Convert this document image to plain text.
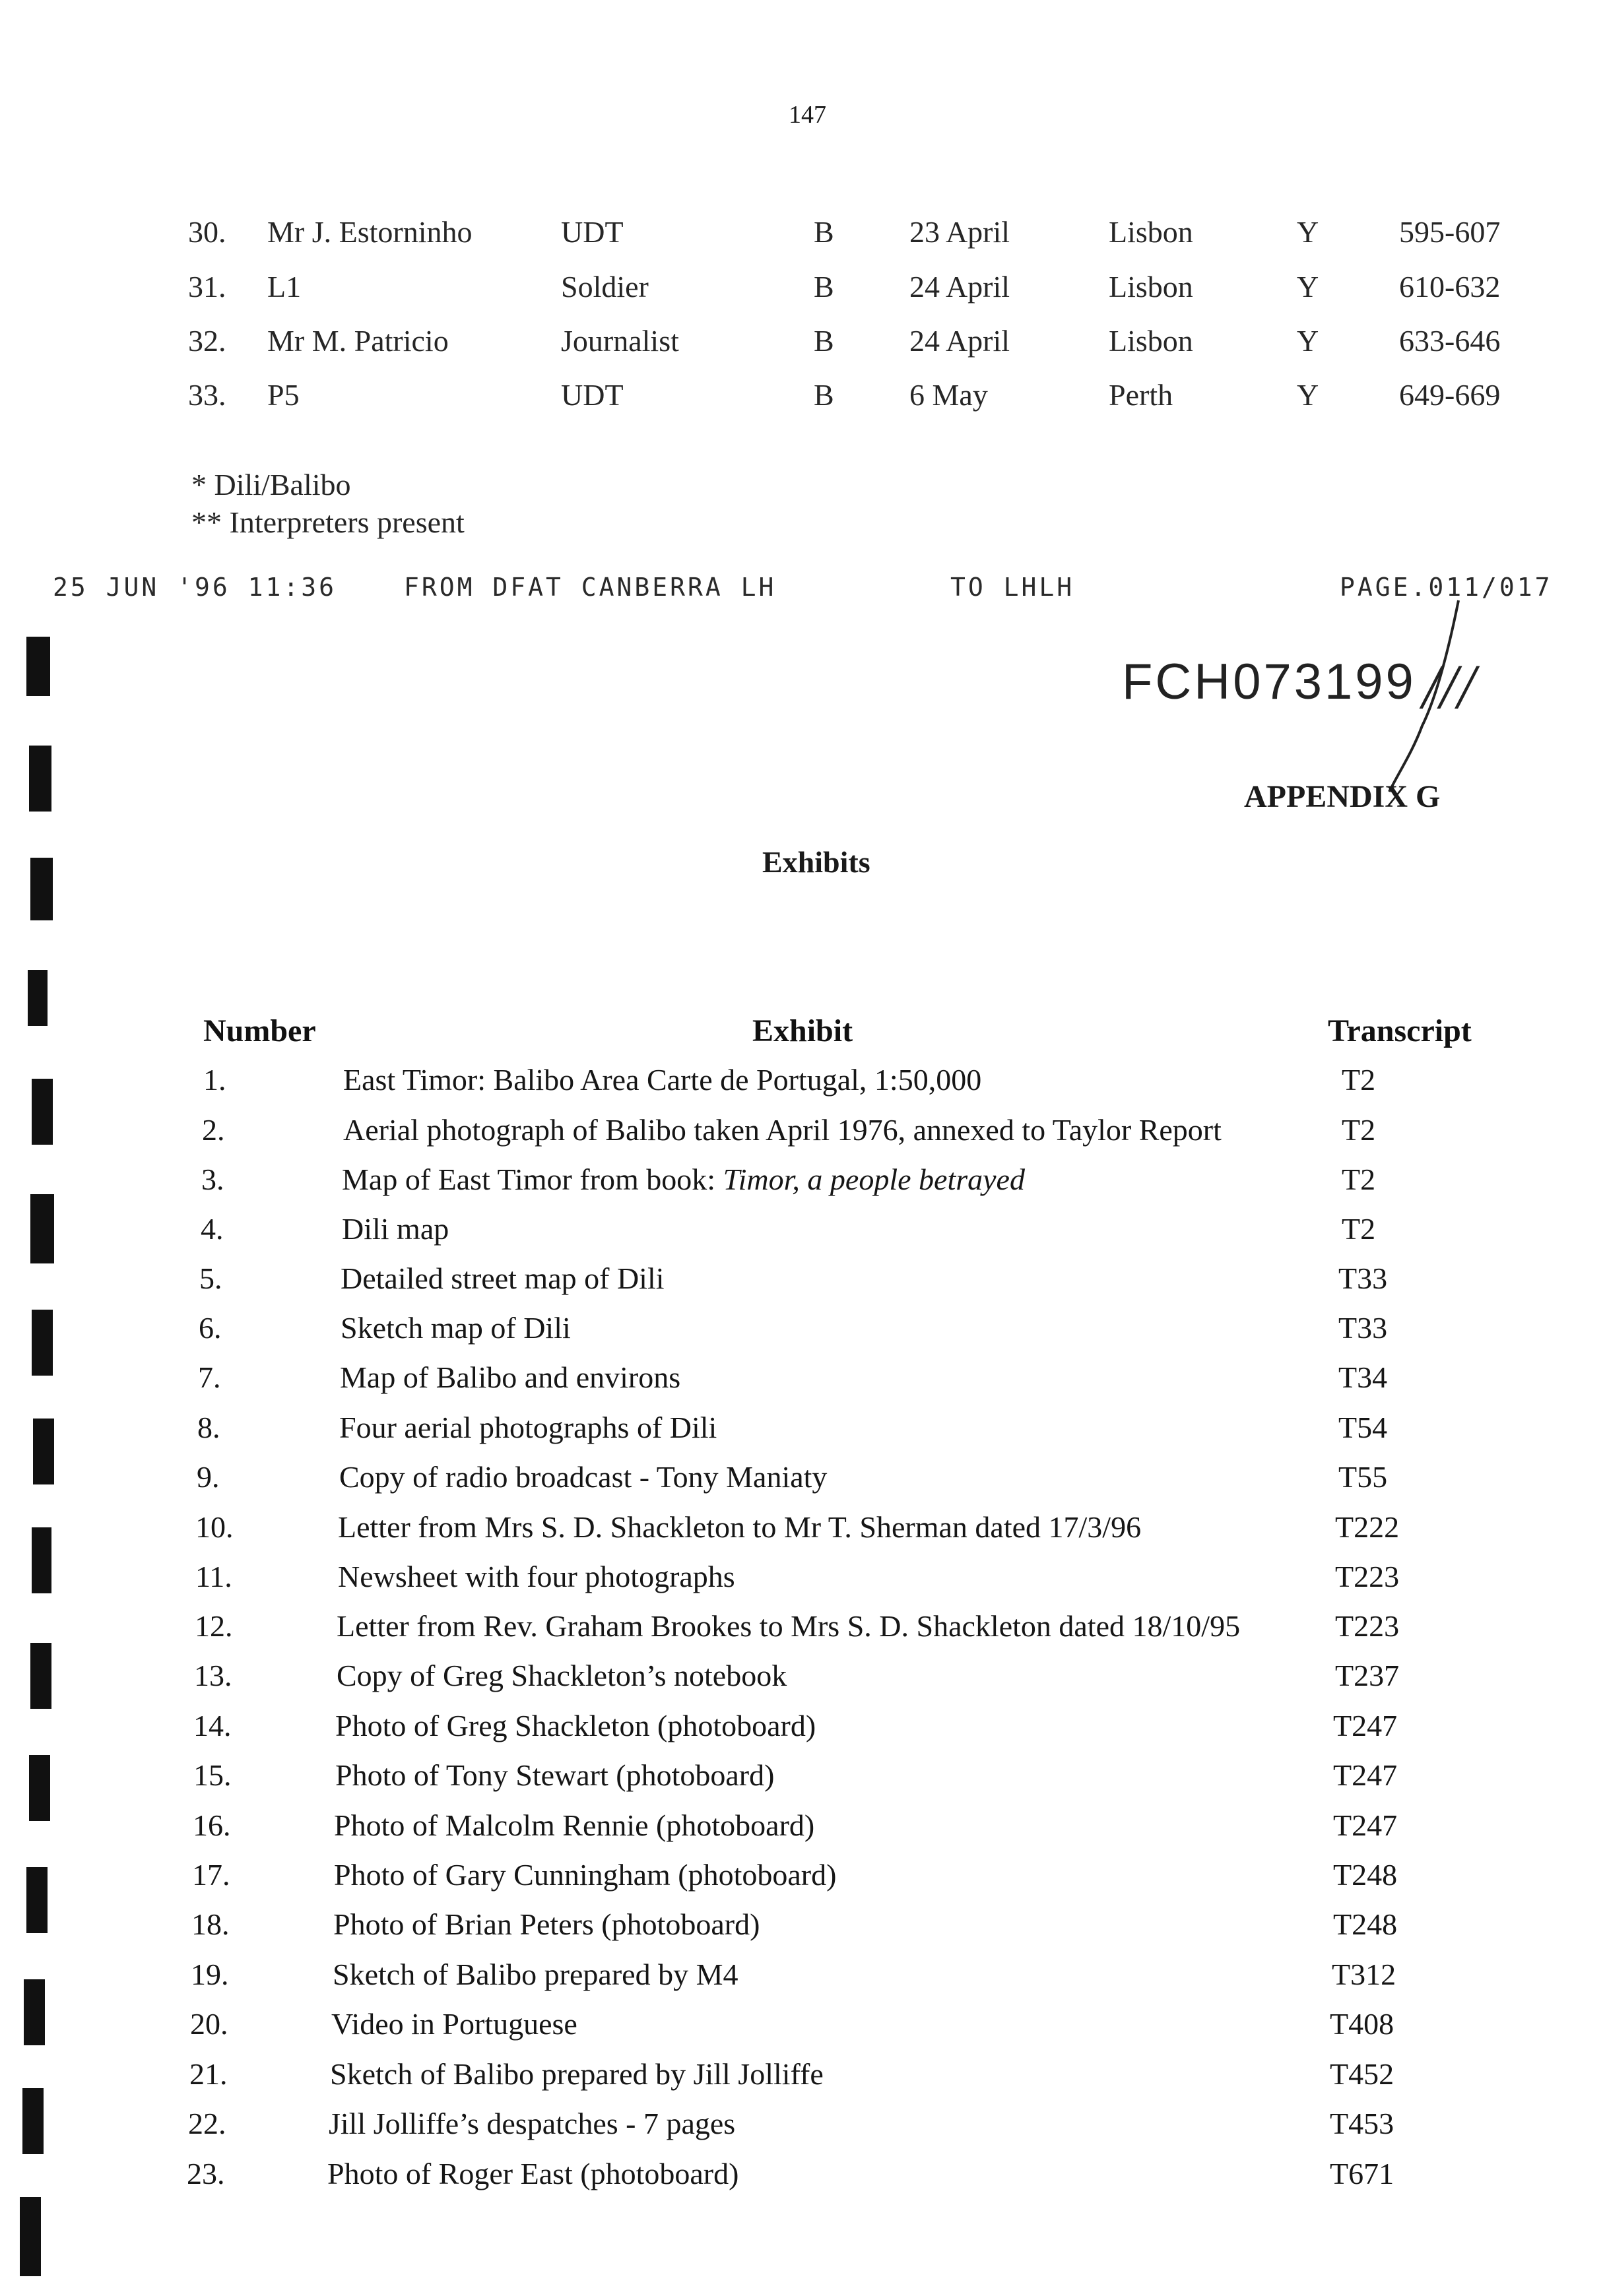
147
30. Mr J. Estorninho	UDT	B 23 April	Lisbon	Y	595-607
31. L1	Soldier	B 24 April	Lisbon	Y	610-632
32. Mr M. Patricio	Journalist	B 24 April	Lisbon	Y	633-646
33. P5	UDT	B 6 May	Perth	Y	649-669
* Dili/Balibo
** Interpreters present
25 JUN '96 11:36	FROM DFAT CANBERRA LH	TO LHLH	PAGE.011/017
FCH073199 ///
APPENDIX G
Exhibits
Number	Exhibit	Transcript
1.	East Timor: Balibo Area Carte de Portugal, 1:50,000	T2
2.	Aerial photograph of Balibo taken April 1976, annexed to Taylor Report	T2
3.	Map of East Timor from book: Timor, a people betrayed	T2
4.	Dili map	T2
5.	Detailed street map of Dili	T33
6.	Sketch map of Dili	T33
7.	Map of Balibo and environs	T34
8.	Four aerial photographs of Dili	T54
9.	Copy of radio broadcast - Tony Maniaty	T55
10.	Letter from Mrs S. D. Shackleton to Mr T. Sherman dated 17/3/96	T222
11.	Newsheet with four photographs	T223
12.	Letter from Rev. Graham Brookes to Mrs S. D. Shackleton dated 18/10/95	T223
13.	Copy of Greg Shackleton’s notebook	T237
14.	Photo of Greg Shackleton (photoboard)	T247
15.	Photo of Tony Stewart (photoboard)	T247
16.	Photo of Malcolm Rennie (photoboard)	T247
17.	Photo of Gary Cunningham (photoboard)	T248
18.	Photo of Brian Peters (photoboard)	T248
19.	Sketch of Balibo prepared by M4	T312
20.	Video in Portuguese	T408
21.	Sketch of Balibo prepared by Jill Jolliffe	T452
22.	Jill Jolliffe’s despatches - 7 pages	T453
23.	Photo of Roger East (photoboard)	T671
